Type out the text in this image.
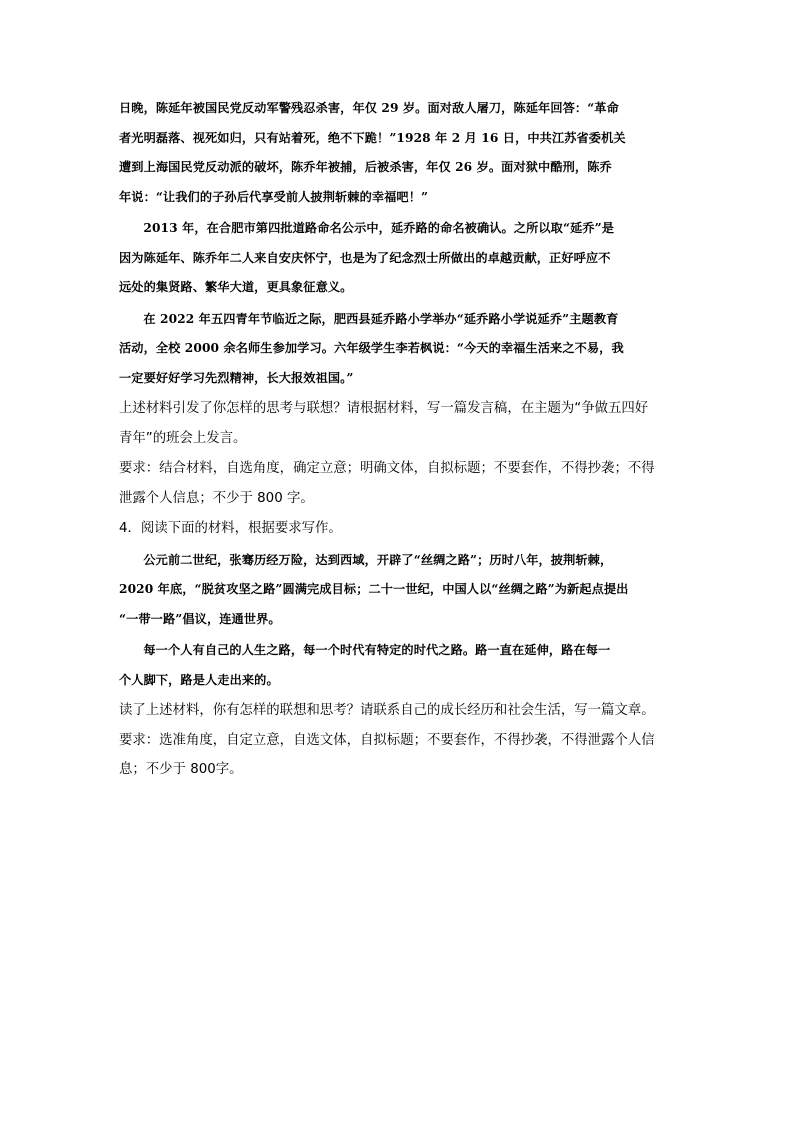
日晚，陈延年被国民党反动军警残忍杀害，年仅 29 岁。面对敌人屠刀，陈延年回答：“革命
者光明磊落、视死如归，只有站着死，绝不下跪！”1928 年 2 月 16 日，中共江苏省委机关
遭到上海国民党反动派的破坏，陈乔年被捕，后被杀害，年仅 26 岁。面对狱中酷刑，陈乔
年说：“让我们的子孙后代享受前人披荆斩棘的幸福吧！”
2013 年，在合肥市第四批道路命名公示中，延乔路的命名被确认。之所以取“延乔”是
因为陈延年、陈乔年二人来自安庆怀宁，也是为了纪念烈士所做出的卓越贡献，正好呼应不
远处的集贤路、繁华大道，更具象征意义。
在 2022 年五四青年节临近之际，肥西县延乔路小学举办“延乔路小学说延乔”主题教育
活动，全校 2000 余名师生参加学习。六年级学生李若枫说：“今天的幸福生活来之不易，我
一定要好好学习先烈精神，长大报效祖国。”
上述材料引发了你怎样的思考与联想？请根据材料，写一篇发言稿，在主题为“争做五四好
青年”的班会上发言。
要求：结合材料，自选角度，确定立意；明确文体，自拟标题；不要套作，不得抄袭；不得
泄露个人信息；不少于 800 字。
4．阅读下面的材料，根据要求写作。
公元前二世纪，张骞历经万险，达到西域，开辟了“丝绸之路”；历时八年，披荆斩棘，
2020 年底，“脱贫攻坚之路”圆满完成目标；二十一世纪，中国人以“丝绸之路”为新起点提出
“一带一路”倡议，连通世界。
每一个人有自己的人生之路，每一个时代有特定的时代之路。路一直在延伸，路在每一
个人脚下，路是人走出来的。
读了上述材料，你有怎样的联想和思考？请联系自己的成长经历和社会生活，写一篇文章。
要求：选准角度，自定立意，自选文体，自拟标题；不要套作，不得抄袭，不得泄露个人信
息；不少于 800字。
